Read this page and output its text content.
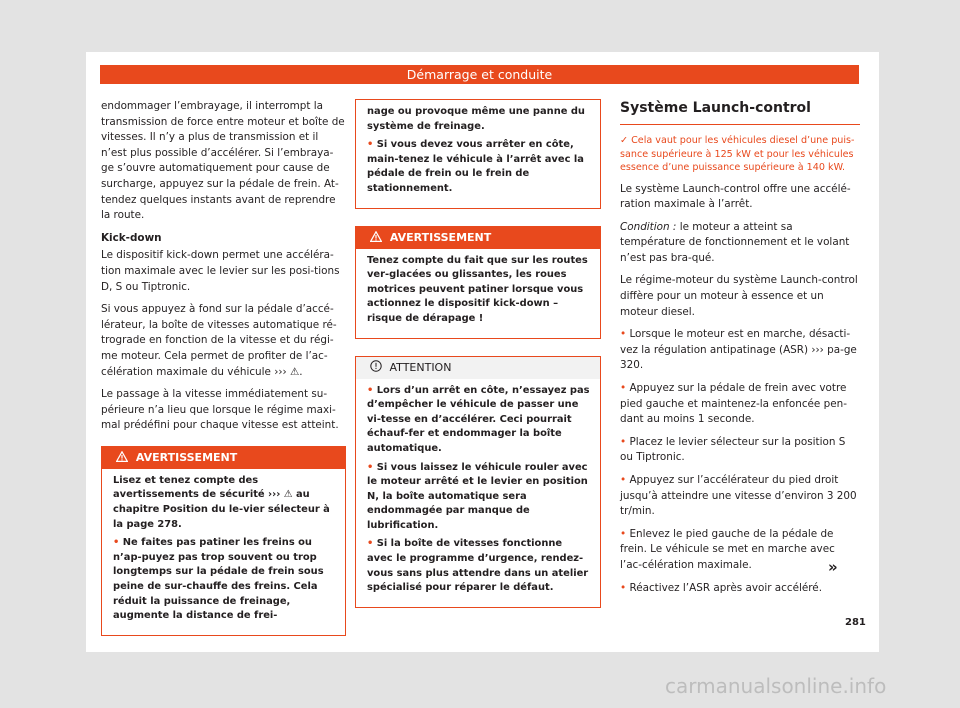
Démarrage et conduite

endommager l’embrayage, il interrompt la transmission de force entre moteur et boîte de vitesses. Il n’y a plus de transmission et il n’est plus possible d’accélérer. Si l’embraya-ge s’ouvre automatiquement pour cause de surcharge, appuyez sur la pédale de frein. At-tendez quelques instants avant de reprendre la route.

Kick-down

Le dispositif kick-down permet une accéléra-tion maximale avec le levier sur les posi-tions D, S ou Tiptronic.

Si vous appuyez à fond sur la pédale d’accé-lérateur, la boîte de vitesses automatique ré-trograde en fonction de la vitesse et du régi-me moteur. Cela permet de profiter de l’ac-célération maximale du véhicule ››› ⚠.

Le passage à la vitesse immédiatement su-périeure n’a lieu que lorsque le régime maxi-mal prédéfini pour chaque vitesse est atteint.

AVERTISSEMENT

Lisez et tenez compte des avertissements de sécurité ››› ⚠ au chapitre Position du le-vier sélecteur à la page 278.

• Ne faites pas patiner les freins ou n’ap-puyez pas trop souvent ou trop longtemps sur la pédale de frein sous peine de sur-chauffe des freins. Cela réduit la puissance de freinage, augmente la distance de frei-

nage ou provoque même une panne du système de freinage.

• Si vous devez vous arrêter en côte, main-tenez le véhicule à l’arrêt avec la pédale de frein ou le frein de stationnement.

AVERTISSEMENT

Tenez compte du fait que sur les routes ver-glacées ou glissantes, les roues motrices peuvent patiner lorsque vous actionnez le dispositif kick-down – risque de dérapage !

ATTENTION

• Lors d’un arrêt en côte, n’essayez pas d’empêcher le véhicule de passer une vi-tesse en d’accélérer. Ceci pourrait échauf-fer et endommager la boîte automatique.

• Si vous laissez le véhicule rouler avec le moteur arrêté et le levier en position N, la boîte automatique sera endommagée par manque de lubrification.

• Si la boîte de vitesses fonctionne avec le programme d’urgence, rendez-vous sans plus attendre dans un atelier spécialisé pour réparer le défaut.

Système Launch-control

✓ Cela vaut pour les véhicules diesel d’une puis-sance supérieure à 125 kW et pour les véhicules essence d’une puissance supérieure à 140 kW.

Le système Launch-control offre une accélé-ration maximale à l’arrêt.

Condition : le moteur a atteint sa température de fonctionnement et le volant n’est pas bra-qué.

Le régime-moteur du système Launch-control diffère pour un moteur à essence et un moteur diesel.

• Lorsque le moteur est en marche, désacti-vez la régulation antipatinage (ASR) ››› pa-ge 320.

• Appuyez sur la pédale de frein avec votre pied gauche et maintenez-la enfoncée pen-dant au moins 1 seconde.

• Placez le levier sélecteur sur la position S ou Tiptronic.

• Appuyez sur l’accélérateur du pied droit jusqu’à atteindre une vitesse d’environ 3 200 tr/min.

• Enlevez le pied gauche de la pédale de frein. Le véhicule se met en marche avec l’ac-célération maximale.

• Réactivez l’ASR après avoir accéléré.

»
281
carmanualsonline.info
